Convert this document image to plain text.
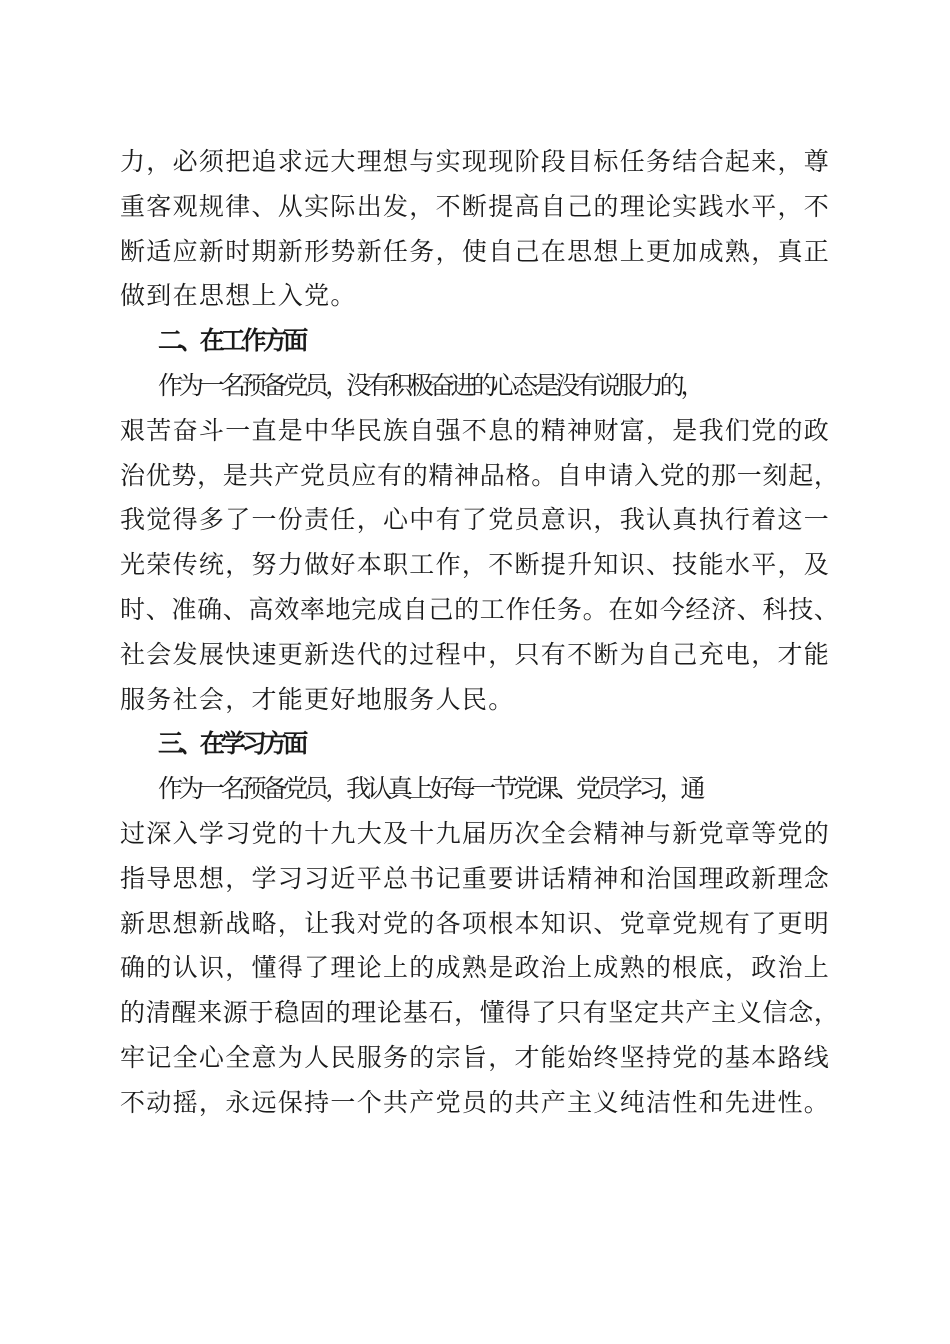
力，必须把追求远大理想与实现现阶段目标任务结合起来，尊
重客观规律、从实际出发，不断提高自己的理论实践水平，不
断适应新时期新形势新任务，使自己在思想上更加成熟，真正
做到在思想上入党。
二、在工作方面
作为一名预备党员，没有积极奋进的心态是没有说服力的，
艰苦奋斗一直是中华民族自强不息的精神财富，是我们党的政
治优势，是共产党员应有的精神品格。自申请入党的那一刻起，
我觉得多了一份责任，心中有了党员意识，我认真执行着这一
光荣传统，努力做好本职工作，不断提升知识、技能水平，及
时、准确、高效率地完成自己的工作任务。在如今经济、科技、
社会发展快速更新迭代的过程中，只有不断为自己充电，才能
服务社会，才能更好地服务人民。
三、在学习方面
作为一名预备党员，我认真上好每一节党课、党员学习，通
过深入学习党的十九大及十九届历次全会精神与新党章等党的
指导思想，学习习近平总书记重要讲话精神和治国理政新理念
新思想新战略，让我对党的各项根本知识、党章党规有了更明
确的认识，懂得了理论上的成熟是政治上成熟的根底，政治上
的清醒来源于稳固的理论基石，懂得了只有坚定共产主义信念，
牢记全心全意为人民服务的宗旨，才能始终坚持党的基本路线
不动摇，永远保持一个共产党员的共产主义纯洁性和先进性。
